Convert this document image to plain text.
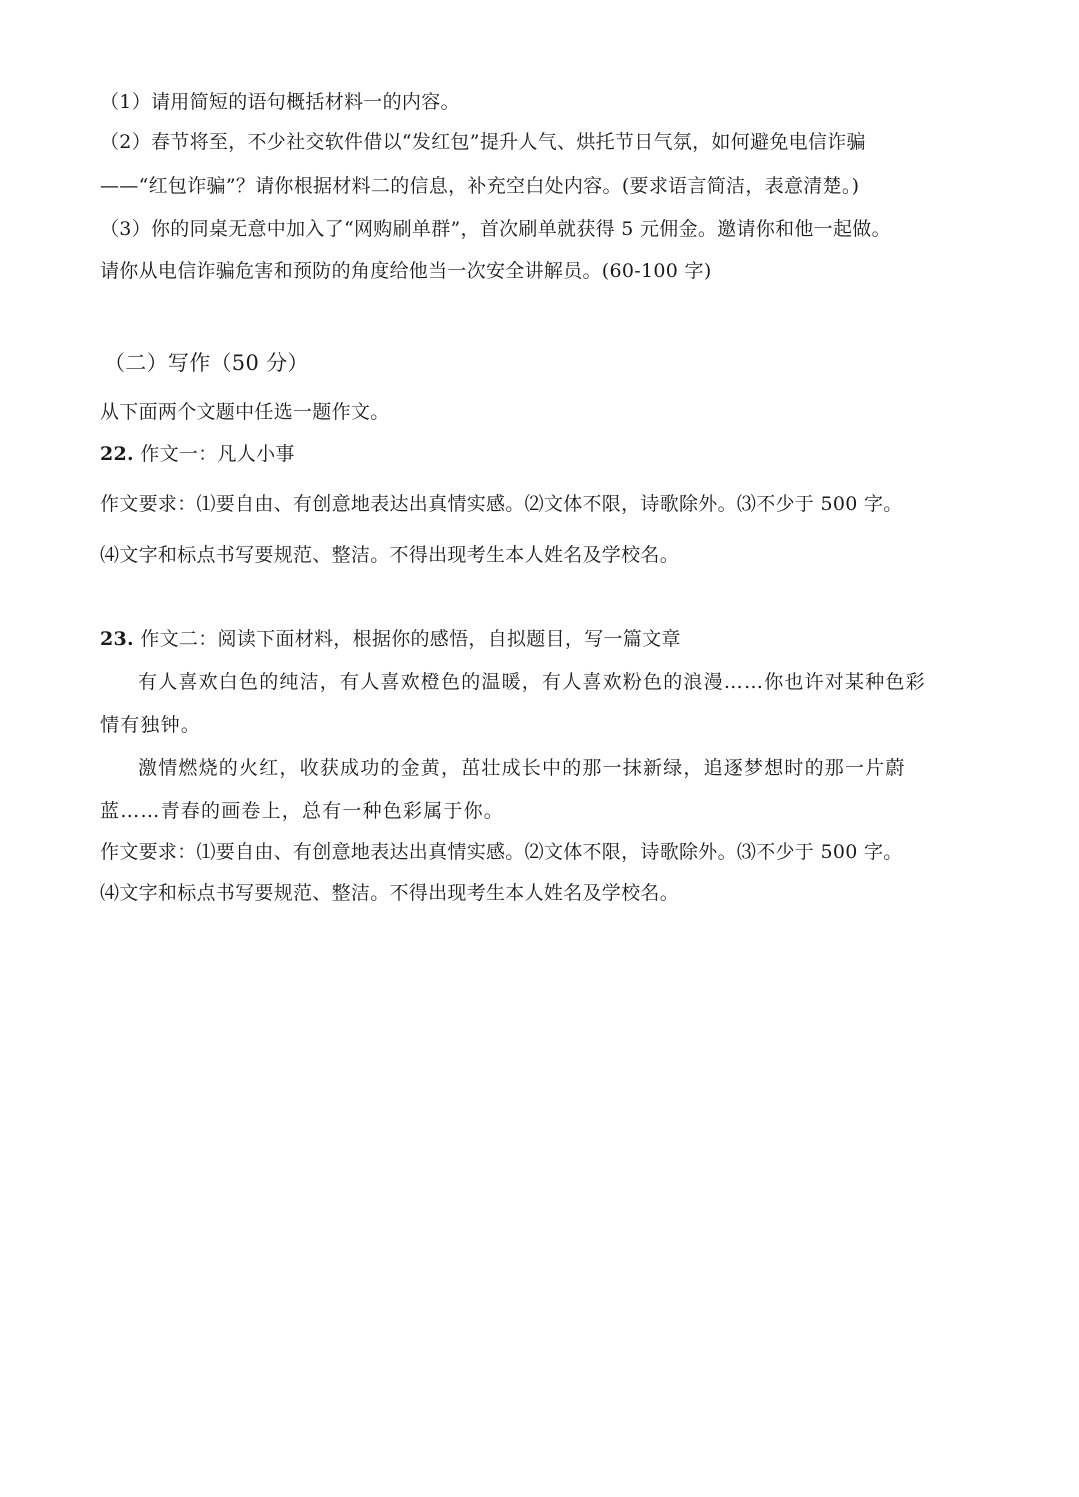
（1）请用简短的语句概括材料一的内容。
（2）春节将至，不少社交软件借以“发红包”提升人气、烘托节日气氛，如何避免电信诈骗
——“红包诈骗”？请你根据材料二的信息，补充空白处内容。(要求语言简洁，表意清楚。)
（3）你的同桌无意中加入了“网购刷单群”，首次刷单就获得 5 元佣金。邀请你和他一起做。
请你从电信诈骗危害和预防的角度给他当一次安全讲解员。(60-100 字)
（二）写作（50 分）
从下面两个文题中任选一题作文。
22. 作文一：凡人小事
作文要求：⑴要自由、有创意地表达出真情实感。⑵文体不限，诗歌除外。⑶不少于 500 字。
⑷文字和标点书写要规范、整洁。不得出现考生本人姓名及学校名。
23. 作文二：阅读下面材料，根据你的感悟，自拟题目，写一篇文章
有人喜欢白色的纯洁，有人喜欢橙色的温暖，有人喜欢粉色的浪漫……你也许对某种色彩
情有独钟。
激情燃烧的火红，收获成功的金黄，茁壮成长中的那一抹新绿，追逐梦想时的那一片蔚
蓝……青春的画卷上，总有一种色彩属于你。
作文要求：⑴要自由、有创意地表达出真情实感。⑵文体不限，诗歌除外。⑶不少于 500 字。
⑷文字和标点书写要规范、整洁。不得出现考生本人姓名及学校名。
